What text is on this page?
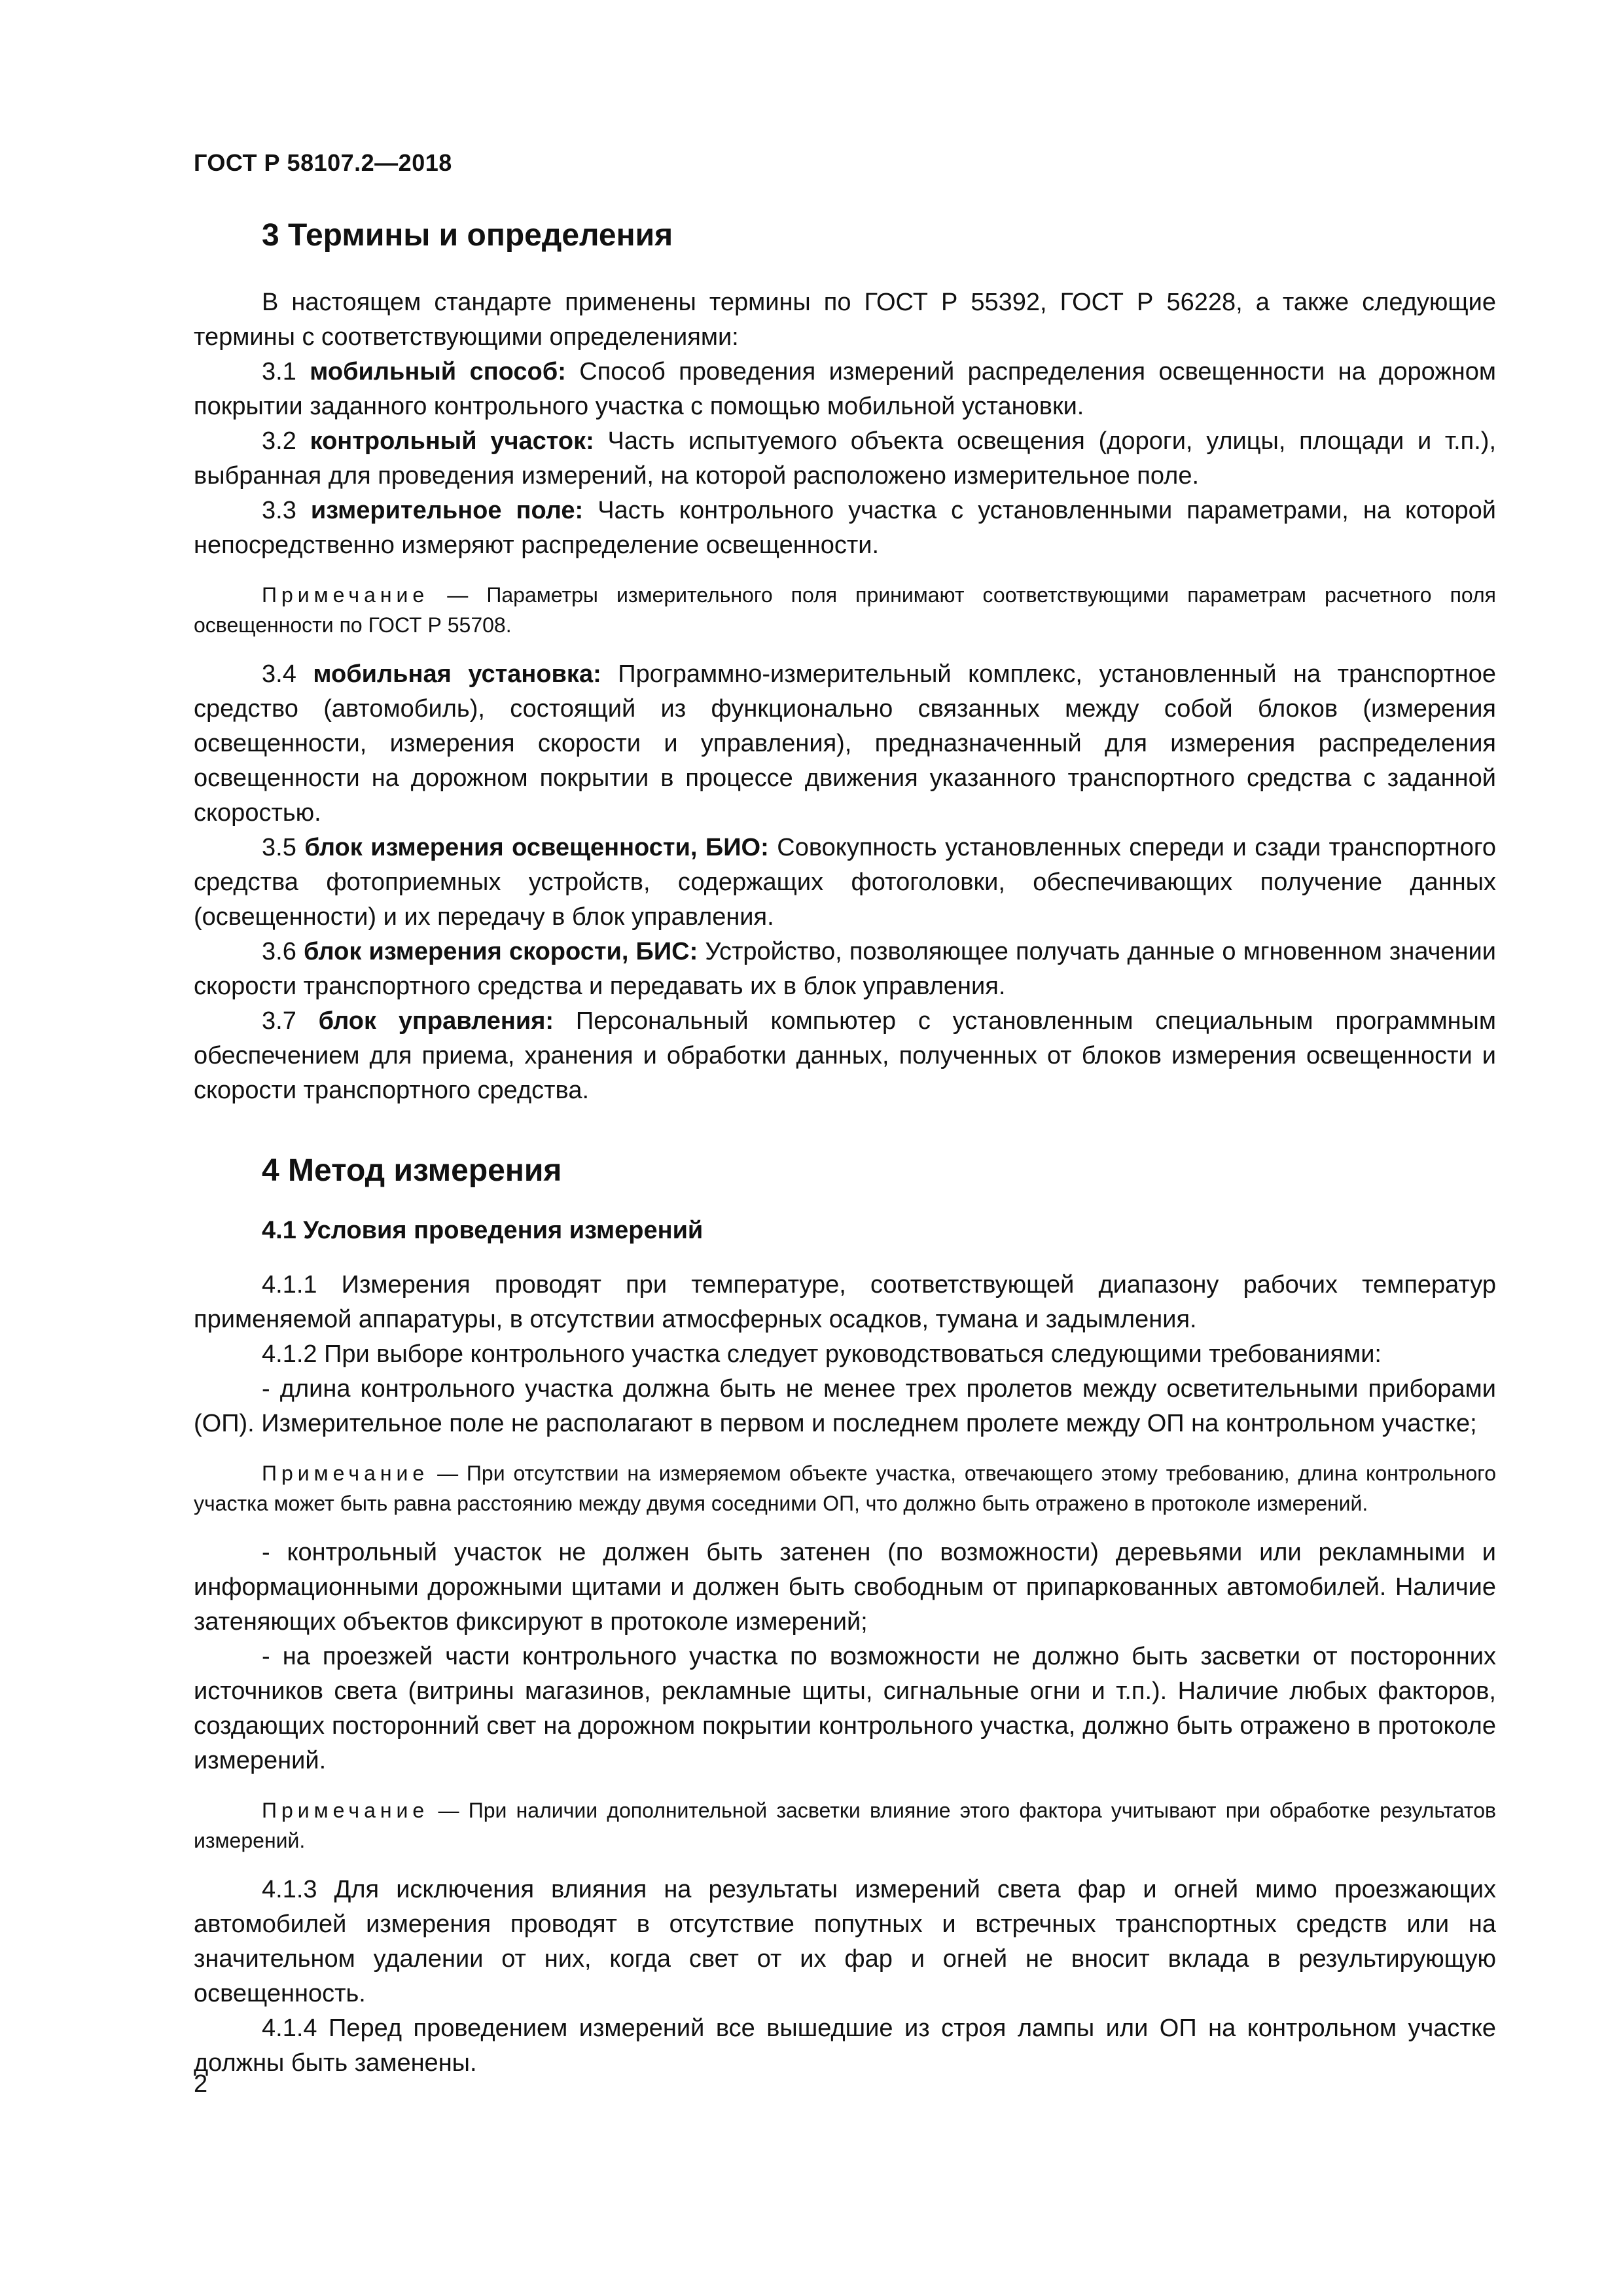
ГОСТ Р 58107.2—2018
3 Термины и определения

В настоящем стандарте применены термины по ГОСТ Р 55392, ГОСТ Р 56228, а также следующие термины с соответствующими определениями:

3.1 мобильный способ: Способ проведения измерений распределения освещенности на дорожном покрытии заданного контрольного участка с помощью мобильной установки.

3.2 контрольный участок: Часть испытуемого объекта освещения (дороги, улицы, площади и т.п.), выбранная для проведения измерений, на которой расположено измерительное поле.

3.3 измерительное поле: Часть контрольного участка с установленными параметрами, на которой непосредственно измеряют распределение освещенности.

Примечание — Параметры измерительного поля принимают соответствующими параметрам расчетного поля освещенности по ГОСТ Р 55708.

3.4 мобильная установка: Программно-измерительный комплекс, установленный на транспортное средство (автомобиль), состоящий из функционально связанных между собой блоков (измерения освещенности, измерения скорости и управления), предназначенный для измерения распределения освещенности на дорожном покрытии в процессе движения указанного транспортного средства с заданной скоростью.

3.5 блок измерения освещенности, БИО: Совокупность установленных спереди и сзади транспортного средства фотоприемных устройств, содержащих фотоголовки, обеспечивающих получение данных (освещенности) и их передачу в блок управления.

3.6 блок измерения скорости, БИС: Устройство, позволяющее получать данные о мгновенном значении скорости транспортного средства и передавать их в блок управления.

3.7 блок управления: Персональный компьютер с установленным специальным программным обеспечением для приема, хранения и обработки данных, полученных от блоков измерения освещенности и скорости транспортного средства.

4 Метод измерения
4.1 Условия проведения измерений

4.1.1 Измерения проводят при температуре, соответствующей диапазону рабочих температур применяемой аппаратуры, в отсутствии атмосферных осадков, тумана и задымления.

4.1.2 При выборе контрольного участка следует руководствоваться следующими требованиями:

- длина контрольного участка должна быть не менее трех пролетов между осветительными приборами (ОП). Измерительное поле не располагают в первом и последнем пролете между ОП на контрольном участке;

Примечание — При отсутствии на измеряемом объекте участка, отвечающего этому требованию, длина контрольного участка может быть равна расстоянию между двумя соседними ОП, что должно быть отражено в протоколе измерений.

- контрольный участок не должен быть затенен (по возможности) деревьями или рекламными и информационными дорожными щитами и должен быть свободным от припаркованных автомобилей. Наличие затеняющих объектов фиксируют в протоколе измерений;

- на проезжей части контрольного участка по возможности не должно быть засветки от посторонних источников света (витрины магазинов, рекламные щиты, сигнальные огни и т.п.). Наличие любых факторов, создающих посторонний свет на дорожном покрытии контрольного участка, должно быть отражено в протоколе измерений.

Примечание — При наличии дополнительной засветки влияние этого фактора учитывают при обработке результатов измерений.

4.1.3 Для исключения влияния на результаты измерений света фар и огней мимо проезжающих автомобилей измерения проводят в отсутствие попутных и встречных транспортных средств или на значительном удалении от них, когда свет от их фар и огней не вносит вклада в результирующую освещенность.

4.1.4 Перед проведением измерений все вышедшие из строя лампы или ОП на контрольном участке должны быть заменены.

2
